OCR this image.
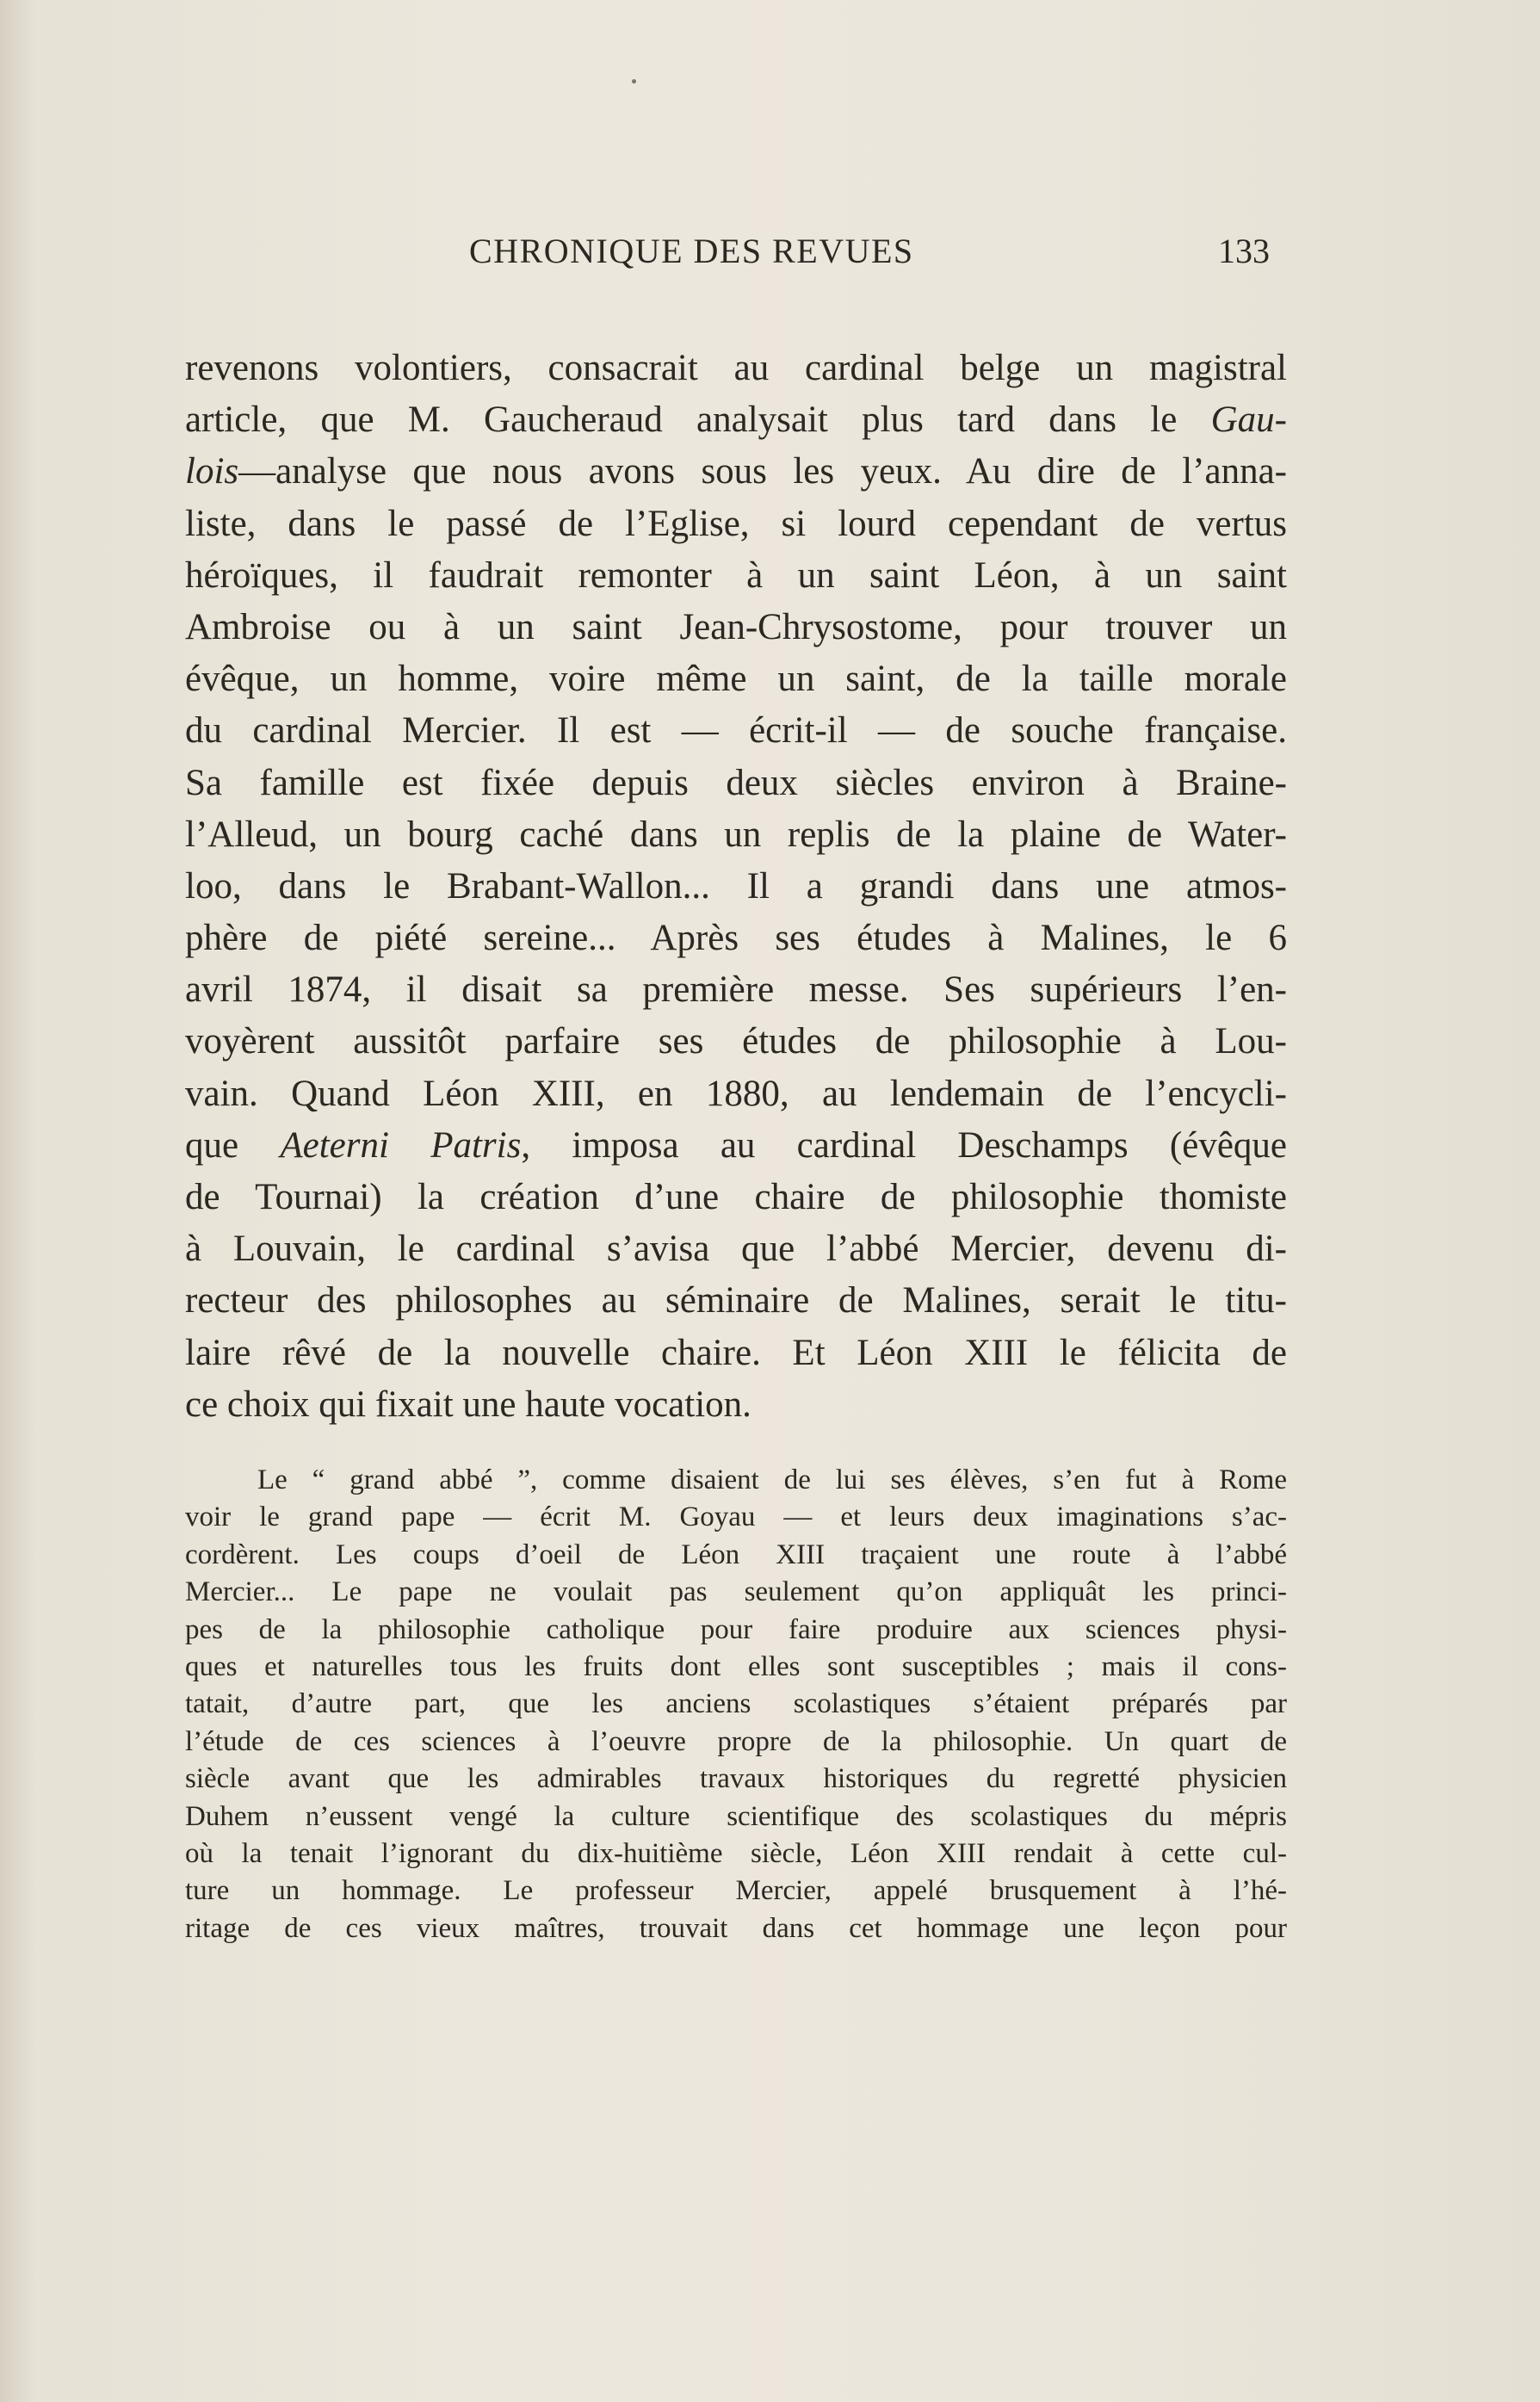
CHRONIQUE DES REVUES	133
revenons volontiers, consacrait au cardinal belge un magistral
article, que M. Gaucheraud analysait plus tard dans le Gau-
lois—analyse que nous avons sous les yeux. Au dire de l’anna-
liste, dans le passé de l’Eglise, si lourd cependant de vertus
héroïques, il faudrait remonter à un saint Léon, à un saint
Ambroise ou à un saint Jean-Chrysostome, pour trouver un
évêque, un homme, voire même un saint, de la taille morale
du cardinal Mercier. Il est — écrit-il — de souche française.
Sa famille est fixée depuis deux siècles environ à Braine-
l’Alleud, un bourg caché dans un replis de la plaine de Water-
loo, dans le Brabant-Wallon... Il a grandi dans une atmos-
phère de piété sereine... Après ses études à Malines, le 6
avril 1874, il disait sa première messe. Ses supérieurs l’en-
voyèrent aussitôt parfaire ses études de philosophie à Lou-
vain. Quand Léon XIII, en 1880, au lendemain de l’encycli-
que Aeterni Patris, imposa au cardinal Deschamps (évêque
de Tournai) la création d’une chaire de philosophie thomiste
à Louvain, le cardinal s’avisa que l’abbé Mercier, devenu di-
recteur des philosophes au séminaire de Malines, serait le titu-
laire rêvé de la nouvelle chaire. Et Léon XIII le félicita de
ce choix qui fixait une haute vocation.
Le “ grand abbé ”, comme disaient de lui ses élèves, s’en fut à Rome
voir le grand pape — écrit M. Goyau — et leurs deux imaginations s’ac-
cordèrent. Les coups d’oeil de Léon XIII traçaient une route à l’abbé
Mercier... Le pape ne voulait pas seulement qu’on appliquât les princi-
pes de la philosophie catholique pour faire produire aux sciences physi-
ques et naturelles tous les fruits dont elles sont susceptibles ; mais il cons-
tatait, d’autre part, que les anciens scolastiques s’étaient préparés par
l’étude de ces sciences à l’oeuvre propre de la philosophie. Un quart de
siècle avant que les admirables travaux historiques du regretté physicien
Duhem n’eussent vengé la culture scientifique des scolastiques du mépris
où la tenait l’ignorant du dix-huitième siècle, Léon XIII rendait à cette cul-
ture un hommage. Le professeur Mercier, appelé brusquement à l’hé-
ritage de ces vieux maîtres, trouvait dans cet hommage une leçon pour
